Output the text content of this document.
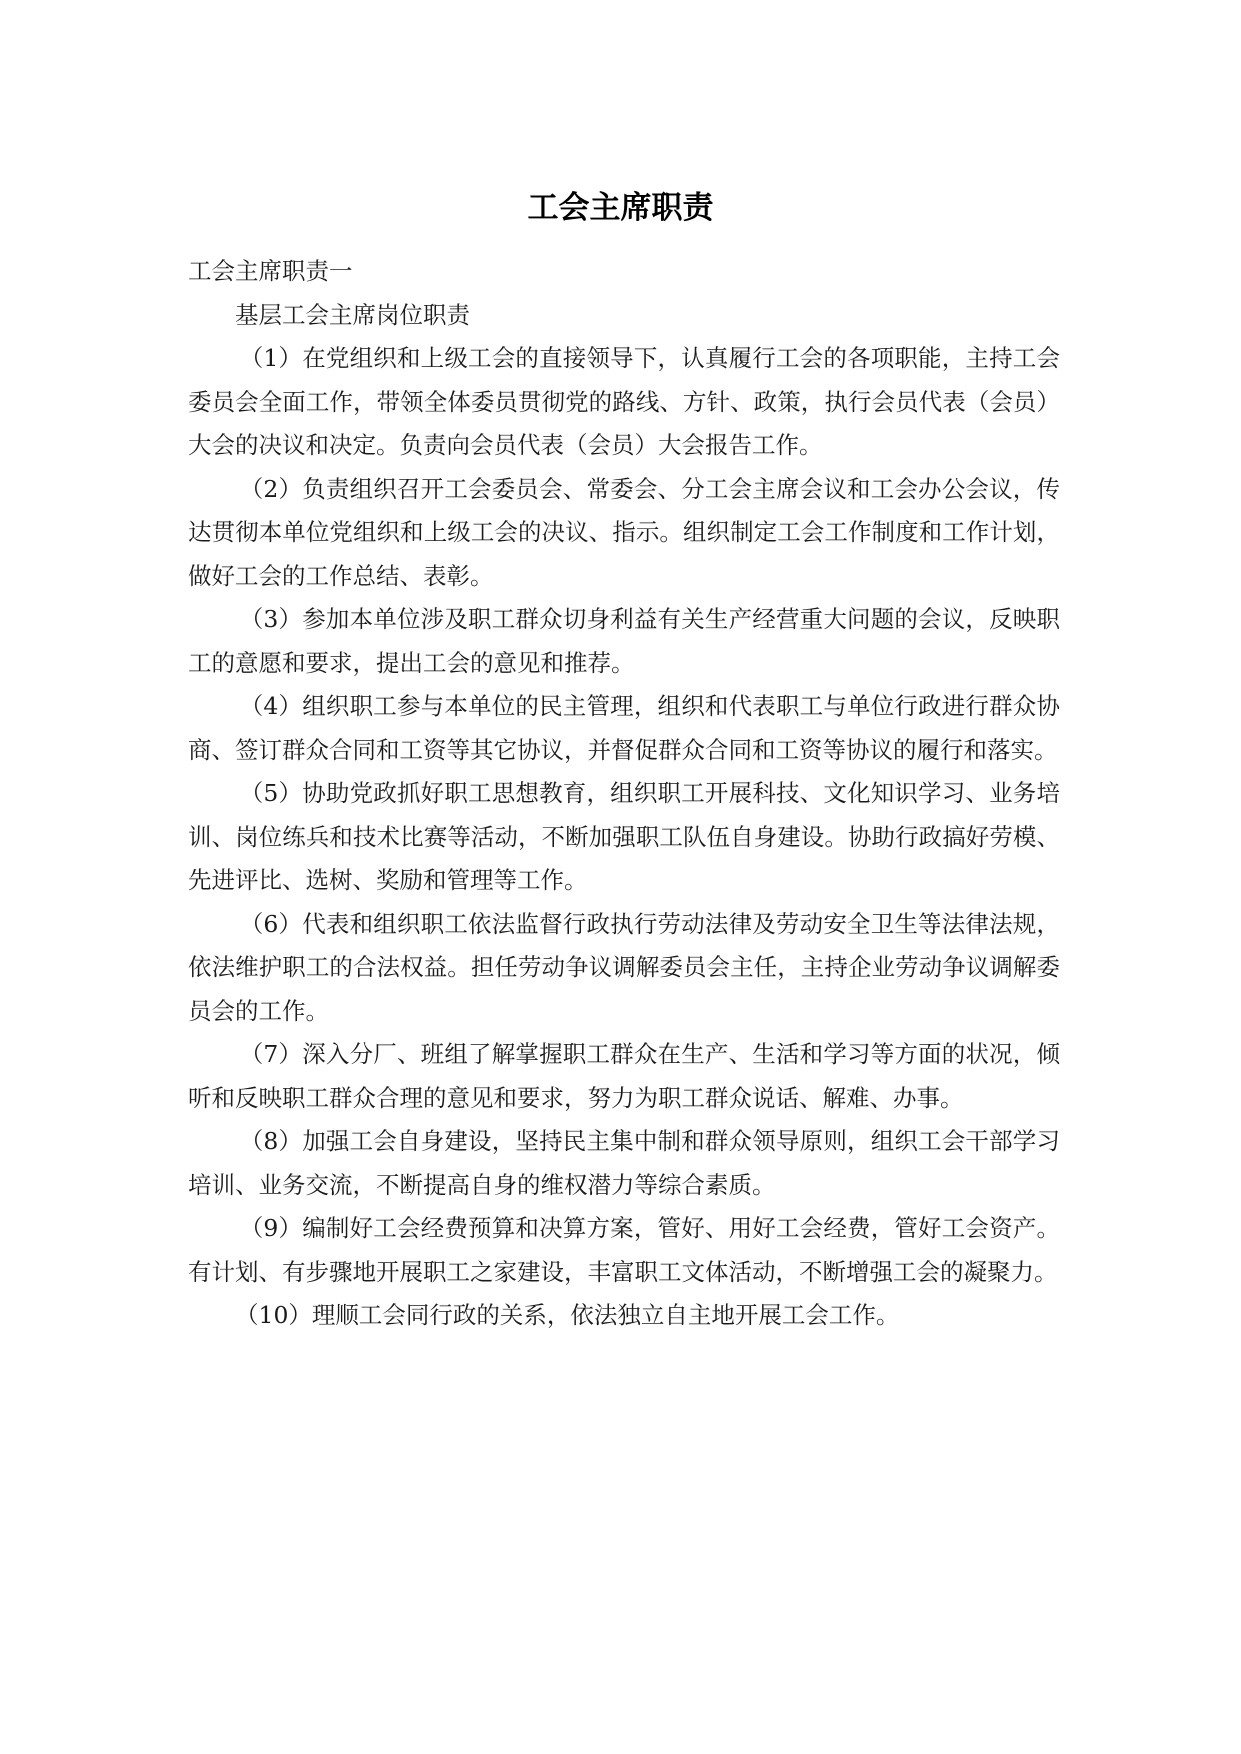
工会主席职责

工会主席职责一

基层工会主席岗位职责

（1）在党组织和上级工会的直接领导下，认真履行工会的各项职能，主持工会委员会全面工作，带领全体委员贯彻党的路线、方针、政策，执行会员代表（会员）大会的决议和决定。负责向会员代表（会员）大会报告工作。

（2）负责组织召开工会委员会、常委会、分工会主席会议和工会办公会议，传达贯彻本单位党组织和上级工会的决议、指示。组织制定工会工作制度和工作计划，做好工会的工作总结、表彰。

（3）参加本单位涉及职工群众切身利益有关生产经营重大问题的会议，反映职工的意愿和要求，提出工会的意见和推荐。

（4）组织职工参与本单位的民主管理，组织和代表职工与单位行政进行群众协商、签订群众合同和工资等其它协议，并督促群众合同和工资等协议的履行和落实。

（5）协助党政抓好职工思想教育，组织职工开展科技、文化知识学习、业务培训、岗位练兵和技术比赛等活动，不断加强职工队伍自身建设。协助行政搞好劳模、先进评比、选树、奖励和管理等工作。

（6）代表和组织职工依法监督行政执行劳动法律及劳动安全卫生等法律法规，依法维护职工的合法权益。担任劳动争议调解委员会主任，主持企业劳动争议调解委员会的工作。

（7）深入分厂、班组了解掌握职工群众在生产、生活和学习等方面的状况，倾听和反映职工群众合理的意见和要求，努力为职工群众说话、解难、办事。

（8）加强工会自身建设，坚持民主集中制和群众领导原则，组织工会干部学习培训、业务交流，不断提高自身的维权潜力等综合素质。

（9）编制好工会经费预算和决算方案，管好、用好工会经费，管好工会资产。有计划、有步骤地开展职工之家建设，丰富职工文体活动，不断增强工会的凝聚力。

（10）理顺工会同行政的关系，依法独立自主地开展工会工作。
